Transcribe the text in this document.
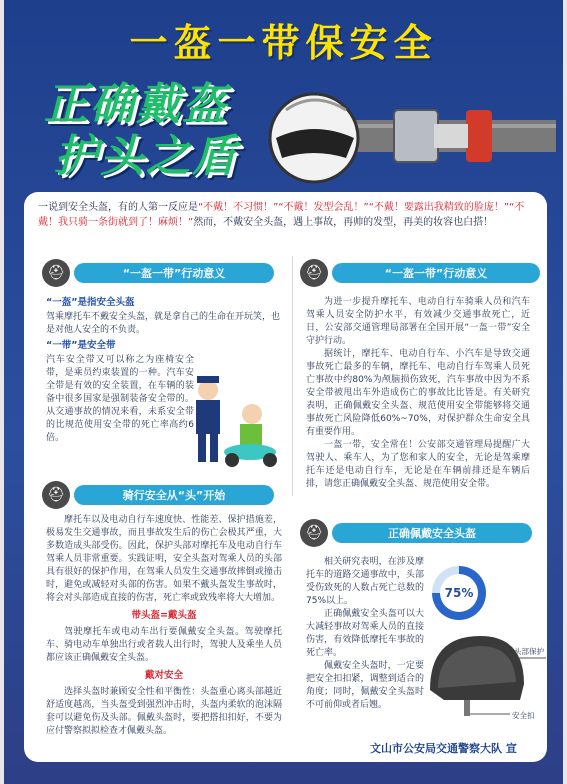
一盔一带保安全
正确戴盔
护头之盾
一说到安全头盔，有的人第一反应是“不戴！不习惯！”“不戴！发型会乱！”“不戴！要露出我精致的脸庞！”“不戴！我只骑一条街就到了！麻烦！”然而，不戴安全头盔，遇上事故，再帅的发型，再美的妆容也白搭！
⛑	“一盔一带”行动意义
“一盔”是指安全头盔
驾乘摩托车不戴安全头盔，就是拿自己的生命在开玩笑，也是对他人安全的不负责。
“一带”是安全带
汽车安全带又可以称之为座椅安全带，是乘员约束装置的一种。汽车安全带是有效的安全装置，在车辆的装备中很多国家是强制装备安全带的。从交通事故的情况来看，未系安全带的比规范使用安全带的死亡率高约6倍。
⛑	“一盔一带”行动意义
为进一步提升摩托车、电动自行车骑乘人员和汽车驾乘人员安全防护水平，有效减少交通事故死亡，近日，公安部交通管理局部署在全国开展“一盔一带”安全守护行动。
据统计，摩托车、电动自行车、小汽车是导致交通事故死亡最多的车辆，摩托车、电动自行车驾乘人员死亡事故中约80%为颅脑损伤致死，汽车事故中因为不系安全带被甩出车外造成伤亡的事故比比皆是。有关研究表明，正确佩戴安全头盔、规范使用安全带能够将交通事故死亡风险降低60%~70%，对保护群众生命安全具有重要作用。
一盔一带，安全常在！公安部交通管理局提醒广大驾驶人、乘车人，为了您和家人的安全，无论是驾乘摩托车还是电动自行车，无论是在车辆前排还是车辆后排，请您正确佩戴安全头盔、规范使用安全带。
⛑	骑行安全从“头”开始
摩托车以及电动自行车速度快、性能差、保护措施差，极易发生交通事故，而且事故发生后的伤亡会极其严重，大多数造成头部受伤。因此，保护头部对摩托车及电动自行车驾乘人员非常重要。实践证明，安全头盔对驾乘人员的头部具有很好的保护作用，在驾乘人员发生交通事故摔倒或撞击时，避免或减轻对头部的伤害。如果不戴头盔发生事故时，将会对头部造成直接的伤害，死亡率或致残率将大大增加。
带头盔=戴头盔
驾驶摩托车或电动车出行要佩戴安全头盔。驾驶摩托车、骑电动车单独出行或者载人出行时，驾驶人及乘坐人员都应该正确佩戴安全头盔。
戴对安全
选择头盔时兼顾安全性和平衡性：头盔重心离头部越近舒适度越高，当头盔受到强烈冲击时，头盔内柔软的泡沫隔套可以避免伤及头部。佩戴头盔时，要把搭扣扣好，不要为应付警察拟拟检查才佩戴头盔。
⛑	正确佩戴安全头盔
相关研究表明，在涉及摩托车的道路交通事故中，头部受伤致死的人数占死亡总数的75%以上。
正确佩戴安全头盔可以大大减轻事故对驾乘人员的直接伤害，有效降低摩托车事故的死亡率。
佩戴安全头盔时，一定要把安全扣扣紧，调整到适合的角度；同时，佩戴安全头盔时不可前仰或者后翘。
75%
头部保护
安全扣
文山市公安局交通警察大队 宣
